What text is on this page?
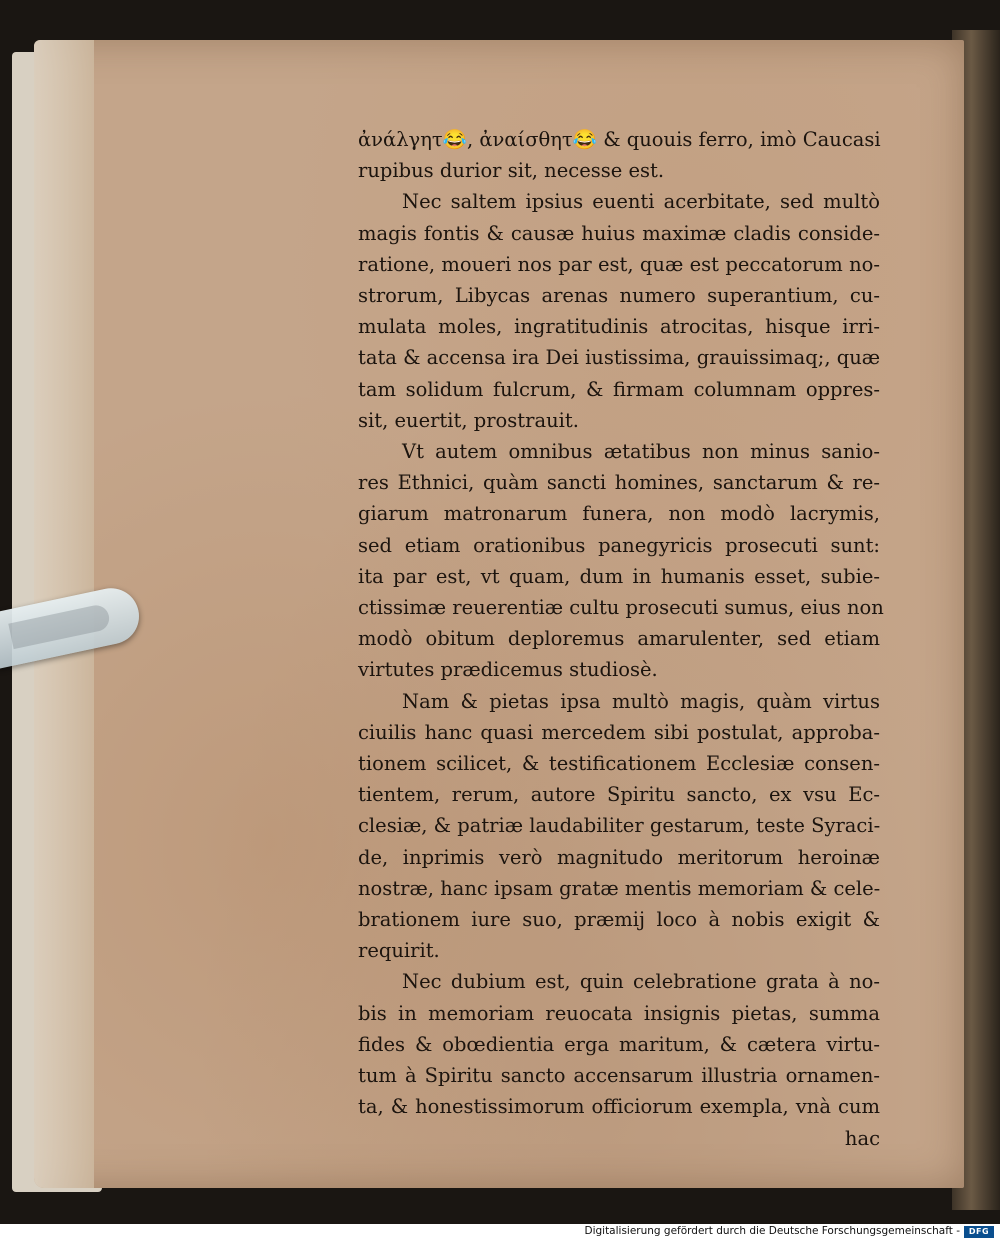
ἀνάλγητ😂, ἀναίσθητ😂 & quouis ferro, imò Caucasi
rupibus durior sit, necesse est.
Nec saltem ipsius euenti acerbitate, sed multò
magis fontis & causæ huius maximæ cladis conside-
ratione, moueri nos par est, quæ est peccatorum no-
strorum, Libycas arenas numero superantium, cu-
mulata moles, ingratitudinis atrocitas, hisque irri-
tata & accensa ira Dei iustissima, grauissimaq;, quæ
tam solidum fulcrum, & firmam columnam oppres-
sit, euertit, prostrauit.
Vt autem omnibus ætatibus non minus sanio-
res Ethnici, quàm sancti homines, sanctarum & re-
giarum matronarum funera, non modò lacrymis,
sed etiam orationibus panegyricis prosecuti sunt:
ita par est, vt quam, dum in humanis esset, subie-
ctissimæ reuerentiæ cultu prosecuti sumus, eius non
modò obitum deploremus amarulenter, sed etiam
virtutes prædicemus studiosè.
Nam & pietas ipsa multò magis, quàm virtus
ciuilis hanc quasi mercedem sibi postulat, approba-
tionem scilicet, & testificationem Ecclesiæ consen-
tientem, rerum, autore Spiritu sancto, ex vsu Ec-
clesiæ, & patriæ laudabiliter gestarum, teste Syraci-
de, inprimis verò magnitudo meritorum heroinæ
nostræ, hanc ipsam gratæ mentis memoriam & cele-
brationem iure suo, præmij loco à nobis exigit &
requirit.
Nec dubium est, quin celebratione grata à no-
bis in memoriam reuocata insignis pietas, summa
fides & obœdientia erga maritum, & cætera virtu-
tum à Spiritu sancto accensarum illustria ornamen-
ta, & honestissimorum officiorum exempla, vnà cum
hac
Digitalisierung gefördert durch die Deutsche Forschungsgemeinschaft -	DFG
